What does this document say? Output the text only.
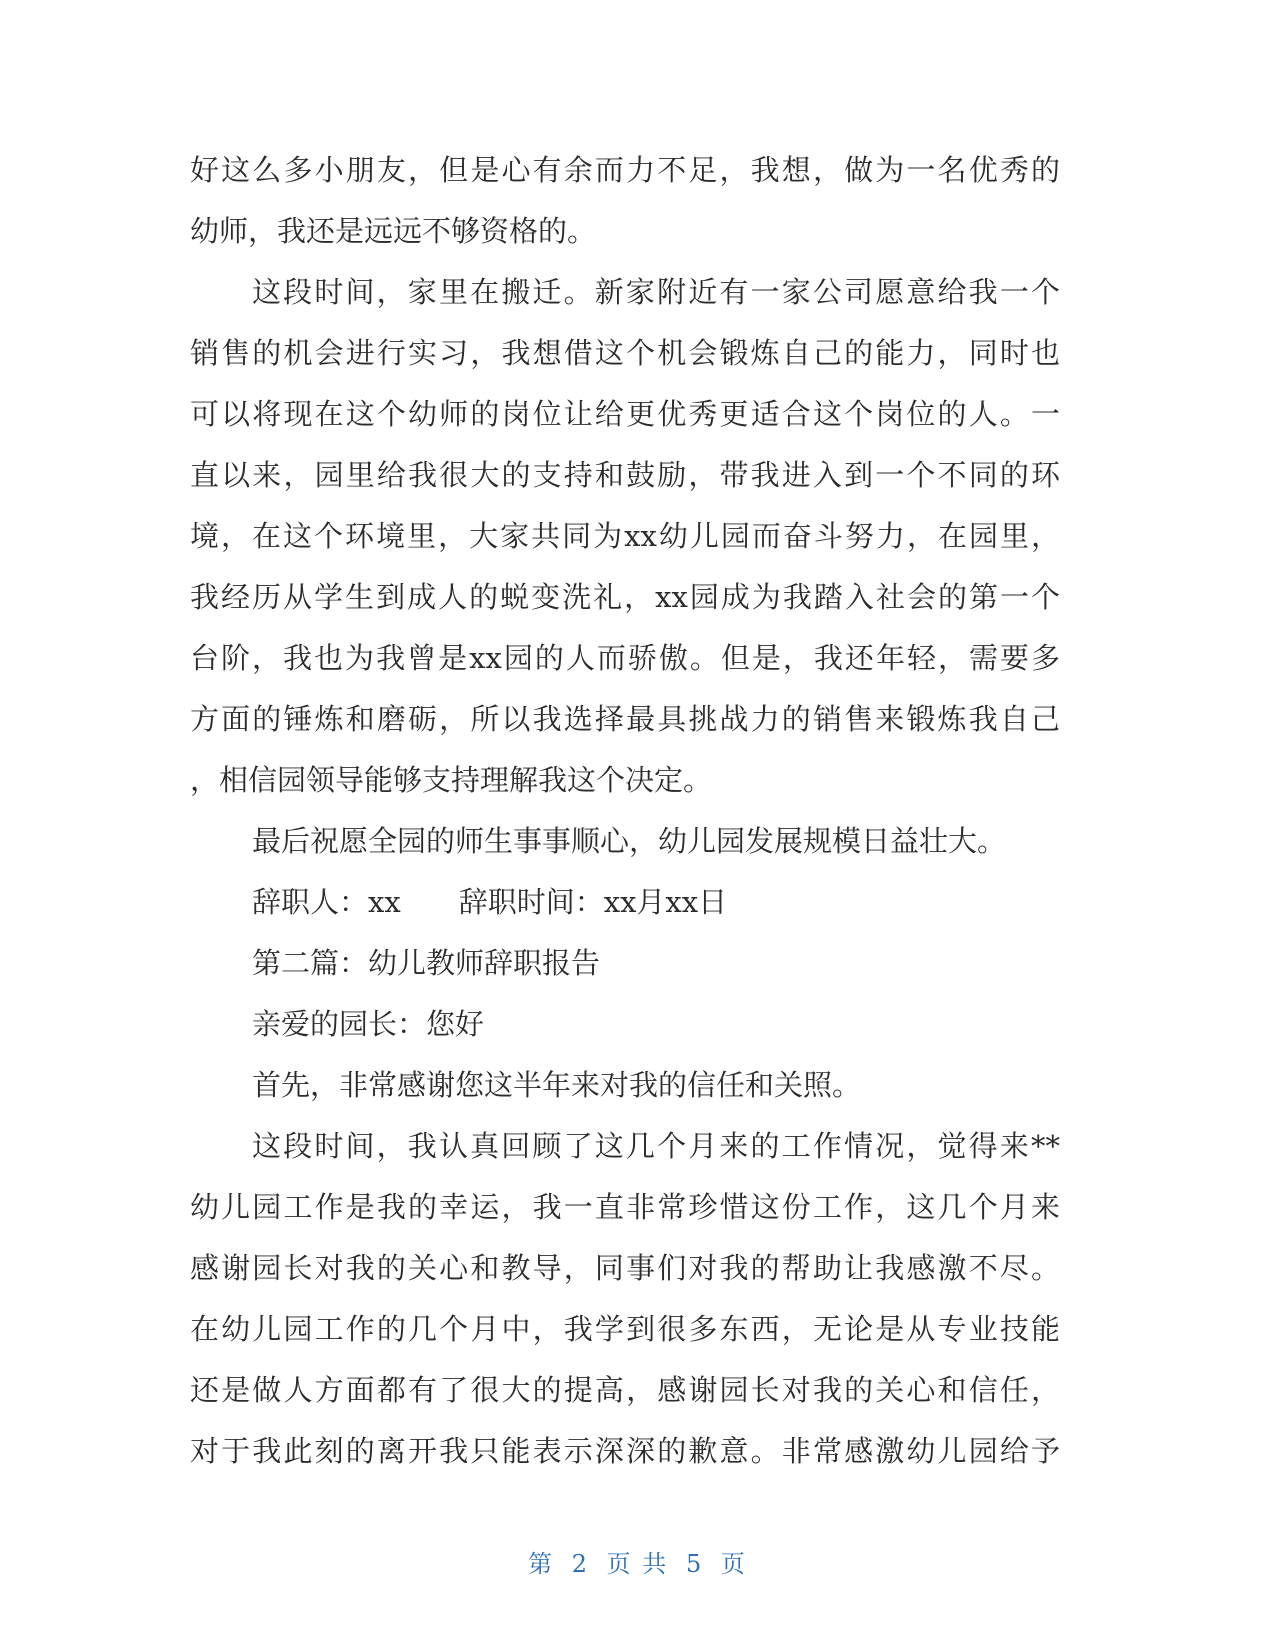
好这么多小朋友，但是心有余而力不足，我想，做为一名优秀的
幼师，我还是远远不够资格的。
这段时间，家里在搬迁。新家附近有一家公司愿意给我一个
销售的机会进行实习，我想借这个机会锻炼自己的能力，同时也
可以将现在这个幼师的岗位让给更优秀更适合这个岗位的人。一
直以来，园里给我很大的支持和鼓励，带我进入到一个不同的环
境，在这个环境里，大家共同为xx幼儿园而奋斗努力，在园里，
我经历从学生到成人的蜕变洗礼，xx园成为我踏入社会的第一个
台阶，我也为我曾是xx园的人而骄傲。但是，我还年轻，需要多
方面的锤炼和磨砺，所以我选择最具挑战力的销售来锻炼我自己
，相信园领导能够支持理解我这个决定。
最后祝愿全园的师生事事顺心，幼儿园发展规模日益壮大。
辞职人：xx　　辞职时间：xx月xx日
第二篇：幼儿教师辞职报告
亲爱的园长：您好
首先，非常感谢您这半年来对我的信任和关照。
这段时间，我认真回顾了这几个月来的工作情况，觉得来**
幼儿园工作是我的幸运，我一直非常珍惜这份工作，这几个月来
感谢园长对我的关心和教导，同事们对我的帮助让我感激不尽。
在幼儿园工作的几个月中，我学到很多东西，无论是从专业技能
还是做人方面都有了很大的提高，感谢园长对我的关心和信任，
对于我此刻的离开我只能表示深深的歉意。非常感激幼儿园给予
第 2 页 共 5 页
